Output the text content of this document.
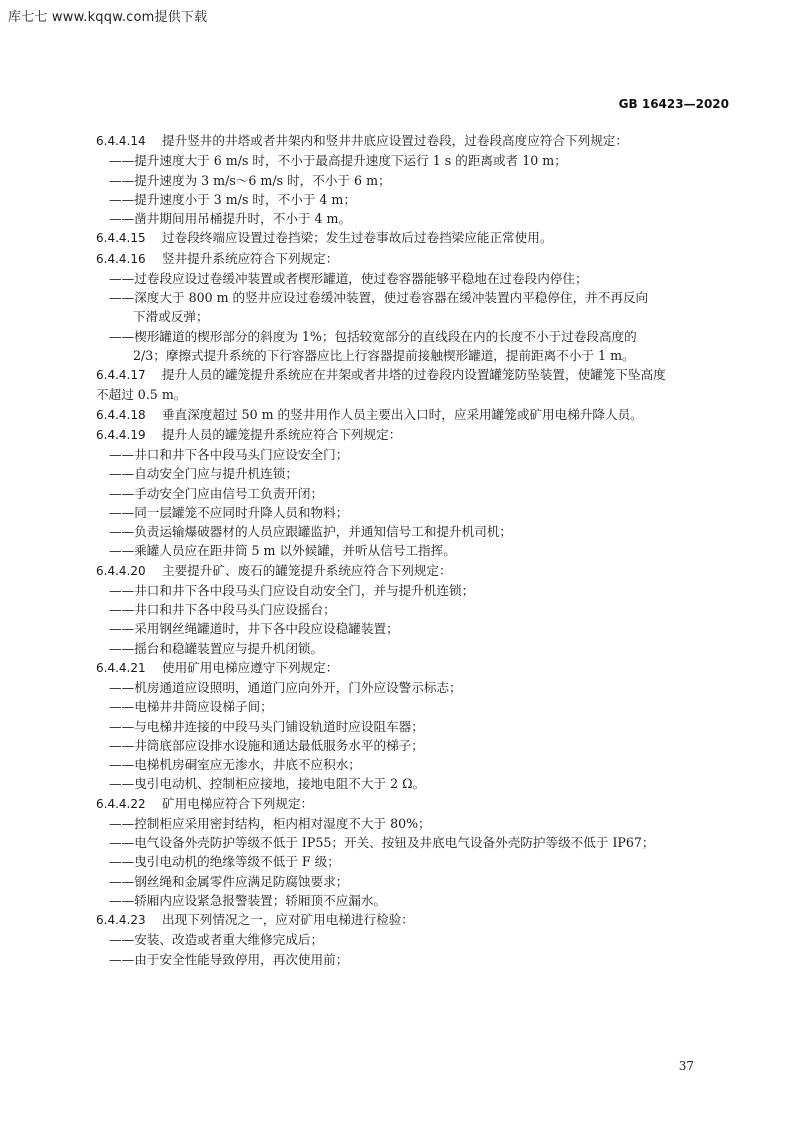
库七七 www.kqqw.com提供下载
GB 16423—2020
6.4.4.14 提升竖井的井塔或者井架内和竖井井底应设置过卷段，过卷段高度应符合下列规定：
——提升速度大于 6 m/s 时，不小于最高提升速度下运行 1 s 的距离或者 10 m；
——提升速度为 3 m/s～6 m/s 时，不小于 6 m；
——提升速度小于 3 m/s 时，不小于 4 m；
——凿井期间用吊桶提升时，不小于 4 m。
6.4.4.15 过卷段终端应设置过卷挡梁；发生过卷事故后过卷挡梁应能正常使用。
6.4.4.16 竖井提升系统应符合下列规定：
——过卷段应设过卷缓冲装置或者楔形罐道，使过卷容器能够平稳地在过卷段内停住；
——深度大于 800 m 的竖井应设过卷缓冲装置，使过卷容器在缓冲装置内平稳停住，并不再反向
下滑或反弹；
——楔形罐道的楔形部分的斜度为 1%；包括较宽部分的直线段在内的长度不小于过卷段高度的
2/3；摩擦式提升系统的下行容器应比上行容器提前接触楔形罐道，提前距离不小于 1 m。
6.4.4.17 提升人员的罐笼提升系统应在井架或者井塔的过卷段内设置罐笼防坠装置，使罐笼下坠高度
不超过 0.5 m。
6.4.4.18 垂直深度超过 50 m 的竖井用作人员主要出入口时，应采用罐笼或矿用电梯升降人员。
6.4.4.19 提升人员的罐笼提升系统应符合下列规定：
——井口和井下各中段马头门应设安全门；
——自动安全门应与提升机连锁；
——手动安全门应由信号工负责开闭；
——同一层罐笼不应同时升降人员和物料；
——负责运输爆破器材的人员应跟罐监护，并通知信号工和提升机司机；
——乘罐人员应在距井筒 5 m 以外候罐，并听从信号工指挥。
6.4.4.20 主要提升矿、废石的罐笼提升系统应符合下列规定：
——井口和井下各中段马头门应设自动安全门，并与提升机连锁；
——井口和井下各中段马头门应设摇台；
——采用钢丝绳罐道时，井下各中段应设稳罐装置；
——摇台和稳罐装置应与提升机闭锁。
6.4.4.21 使用矿用电梯应遵守下列规定：
——机房通道应设照明，通道门应向外开，门外应设警示标志；
——电梯井井筒应设梯子间；
——与电梯井连接的中段马头门铺设轨道时应设阻车器；
——井筒底部应设排水设施和通达最低服务水平的梯子；
——电梯机房硐室应无渗水，井底不应积水；
——曳引电动机、控制柜应接地，接地电阻不大于 2 Ω。
6.4.4.22 矿用电梯应符合下列规定：
——控制柜应采用密封结构，柜内相对湿度不大于 80%；
——电气设备外壳防护等级不低于 IP55；开关、按钮及井底电气设备外壳防护等级不低于 IP67；
——曳引电动机的绝缘等级不低于 F 级；
——钢丝绳和金属零件应满足防腐蚀要求；
——轿厢内应设紧急报警装置；轿厢顶不应漏水。
6.4.4.23 出现下列情况之一，应对矿用电梯进行检验：
——安装、改造或者重大维修完成后；
——由于安全性能导致停用，再次使用前；
37
